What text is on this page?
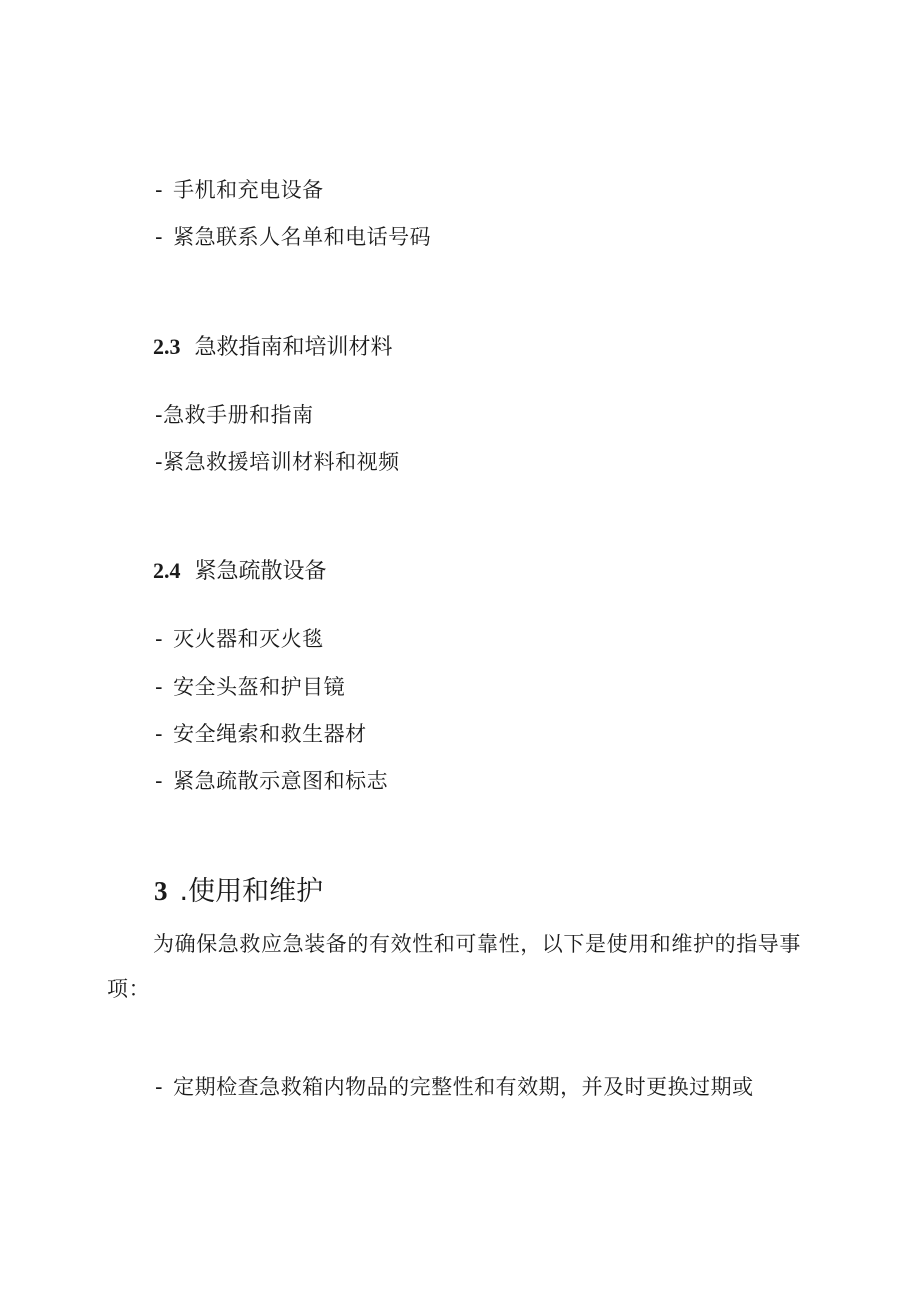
- 手机和充电设备
- 紧急联系人名单和电话号码
2.3 急救指南和培训材料
-急救手册和指南
-紧急救援培训材料和视频
2.4 紧急疏散设备
- 灭火器和灭火毯
- 安全头盔和护目镜
- 安全绳索和救生器材
- 紧急疏散示意图和标志
3 .使用和维护
为确保急救应急装备的有效性和可靠性，以下是使用和维护的指导事
项：
- 定期检查急救箱内物品的完整性和有效期，并及时更换过期或
